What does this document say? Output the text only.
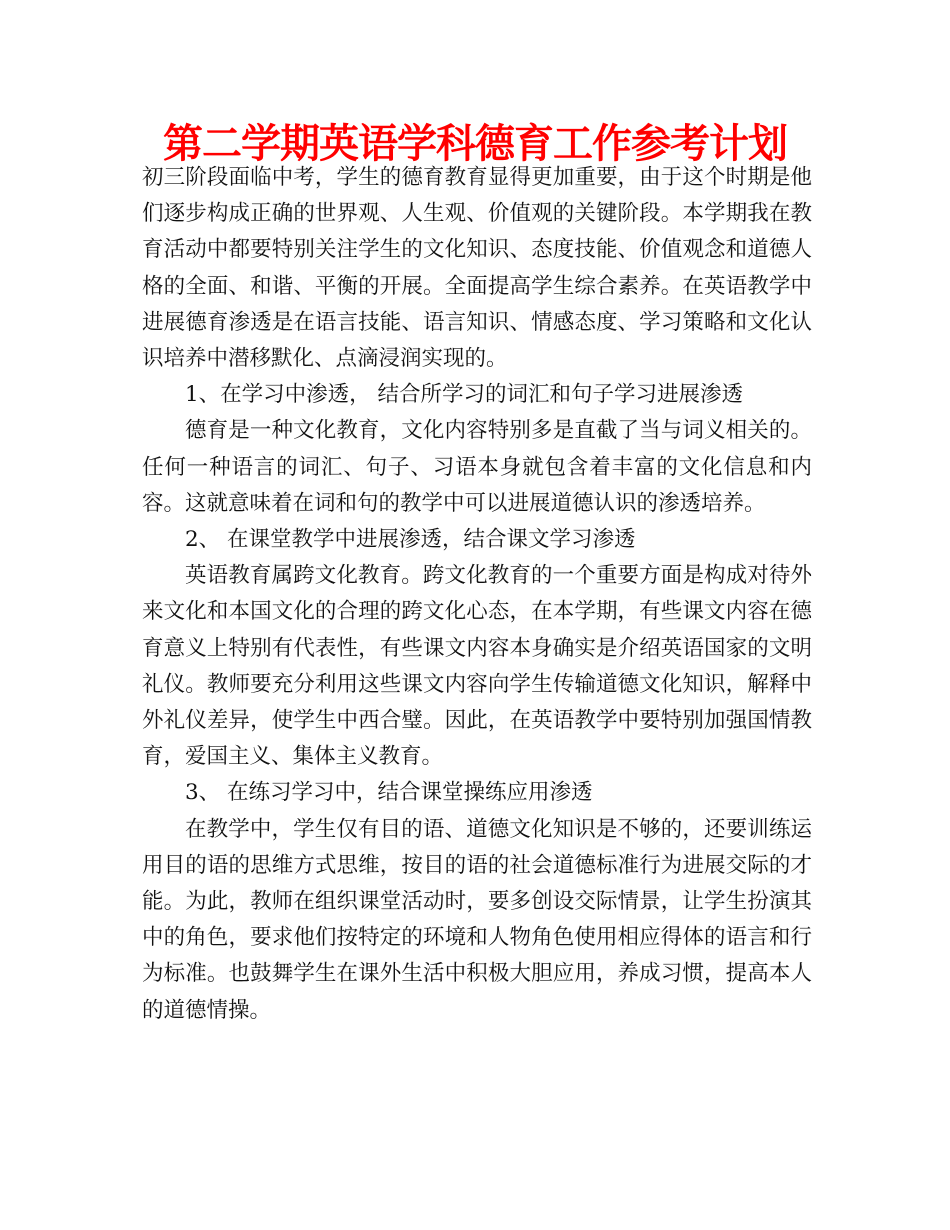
第二学期英语学科德育工作参考计划

初三阶段面临中考，学生的德育教育显得更加重要，由于这个时期是他们逐步构成正确的世界观、人生观、价值观的关键阶段。本学期我在教育活动中都要特别关注学生的文化知识、态度技能、价值观念和道德人格的全面、和谐、平衡的开展。全面提高学生综合素养。在英语教学中进展德育渗透是在语言技能、语言知识、情感态度、学习策略和文化认识培养中潜移默化、点滴浸润实现的。

1、在学习中渗透， 结合所学习的词汇和句子学习进展渗透

德育是一种文化教育，文化内容特别多是直截了当与词义相关的。任何一种语言的词汇、句子、习语本身就包含着丰富的文化信息和内容。这就意味着在词和句的教学中可以进展道德认识的渗透培养。

2、 在课堂教学中进展渗透，结合课文学习渗透

英语教育属跨文化教育。跨文化教育的一个重要方面是构成对待外来文化和本国文化的合理的跨文化心态，在本学期，有些课文内容在德育意义上特别有代表性，有些课文内容本身确实是介绍英语国家的文明礼仪。教师要充分利用这些课文内容向学生传输道德文化知识，解释中外礼仪差异，使学生中西合璧。因此，在英语教学中要特别加强国情教育，爱国主义、集体主义教育。

3、 在练习学习中，结合课堂操练应用渗透

在教学中，学生仅有目的语、道德文化知识是不够的，还要训练运用目的语的思维方式思维，按目的语的社会道德标准行为进展交际的才能。为此，教师在组织课堂活动时，要多创设交际情景，让学生扮演其中的角色，要求他们按特定的环境和人物角色使用相应得体的语言和行为标准。也鼓舞学生在课外生活中积极大胆应用，养成习惯，提高本人的道德情操。
